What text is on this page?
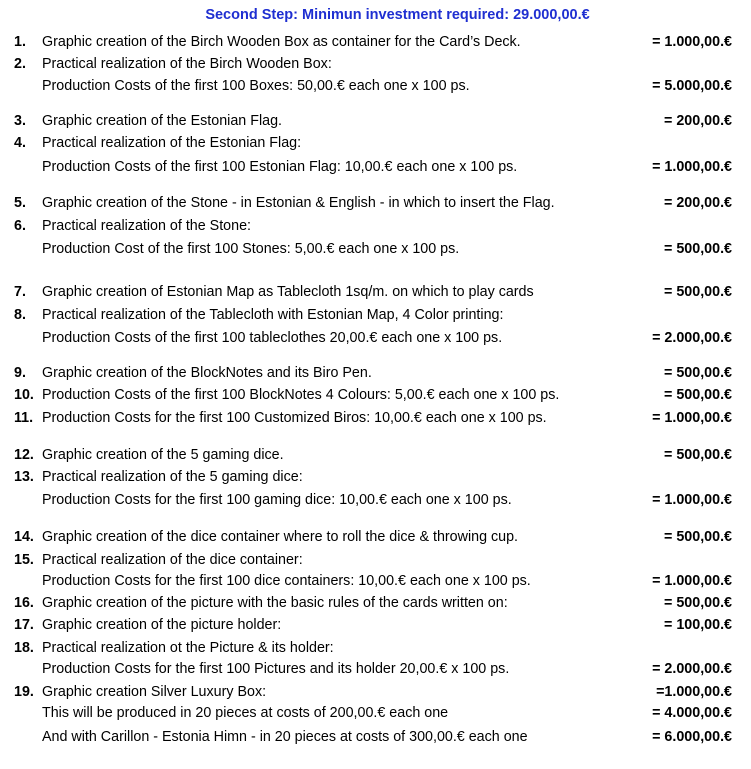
Second Step: Minimun investment required: 29.000,00.€
1.	Graphic creation of the Birch Wooden Box as container for the Card’s Deck.	= 1.000,00.€
2.	Practical realization of the Birch Wooden Box:
Production Costs of the first 100 Boxes: 50,00.€ each one x 100 ps.	= 5.000,00.€
3.	Graphic creation of the Estonian Flag.	= 200,00.€
4.	Practical realization of the Estonian Flag:
Production Costs of the first 100 Estonian Flag: 10,00.€ each one x 100 ps.	= 1.000,00.€
5.	Graphic creation of the Stone - in Estonian & English - in which to insert the Flag.	= 200,00.€
6.	Practical realization of the Stone:
Production Cost of the first 100 Stones: 5,00.€ each one x 100 ps.	= 500,00.€
7.	Graphic creation of Estonian Map as Tablecloth 1sq/m. on which to play cards	= 500,00.€
8.	Practical realization of the Tablecloth with Estonian Map, 4 Color printing:
Production Costs of the first 100 tableclothes 20,00.€ each one x 100 ps.	= 2.000,00.€
9.	Graphic creation of the BlockNotes and its Biro Pen.	= 500,00.€
10. Production Costs of the first 100 BlockNotes 4 Colours: 5,00.€ each one x 100 ps.	= 500,00.€
11. Production Costs for the first 100 Customized Biros: 10,00.€ each one x 100 ps.	= 1.000,00.€
12. Graphic creation of the 5 gaming dice.	= 500,00.€
13. Practical realization of the 5 gaming dice:
Production Costs for the first 100 gaming dice: 10,00.€ each one x 100 ps.	= 1.000,00.€
14. Graphic creation of the dice container where to roll the dice & throwing cup.	= 500,00.€
15. Practical realization of the dice container:
Production Costs for the first 100 dice containers: 10,00.€ each one x 100 ps.	= 1.000,00.€
16. Graphic creation of the picture with the basic rules of the cards written on:	= 500,00.€
17. Graphic creation of the picture holder:	= 100,00.€
18. Practical realization ot the Picture & its holder:
Production Costs for the first 100 Pictures and its holder 20,00.€ x 100 ps.	= 2.000,00.€
19. Graphic creation Silver Luxury Box:	=1.000,00.€
This will be produced in 20 pieces at costs of 200,00.€ each one	= 4.000,00.€
And with Carillon - Estonia Himn - in 20 pieces at costs of 300,00.€ each one	= 6.000,00.€
